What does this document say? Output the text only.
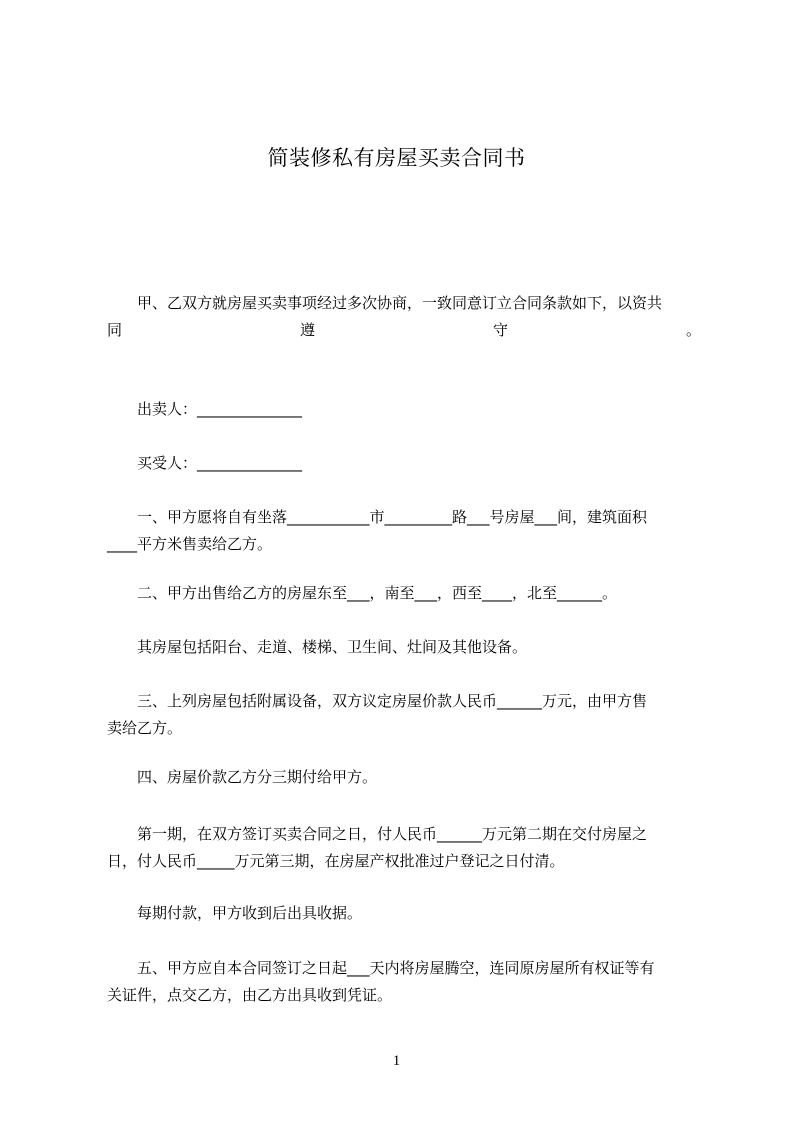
简装修私有房屋买卖合同书
甲、乙双方就房屋买卖事项经过多次协商，一致同意订立合同条款如下，以资共
同	遵	守	。
出卖人：______________
买受人：______________
一、甲方愿将自有坐落___________市_________路___号房屋___间，建筑面积
____平方米售卖给乙方。
二、甲方出售给乙方的房屋东至___，南至___，西至____，北至______。
其房屋包括阳台、走道、楼梯、卫生间、灶间及其他设备。
三、上列房屋包括附属设备，双方议定房屋价款人民币______万元，由甲方售
卖给乙方。
四、房屋价款乙方分三期付给甲方。
第一期，在双方签订买卖合同之日，付人民币______万元第二期在交付房屋之
日，付人民币_____万元第三期，在房屋产权批准过户登记之日付清。
每期付款，甲方收到后出具收据。
五、甲方应自本合同签订之日起___天内将房屋腾空，连同原房屋所有权证等有
关证件，点交乙方，由乙方出具收到凭证。
1
